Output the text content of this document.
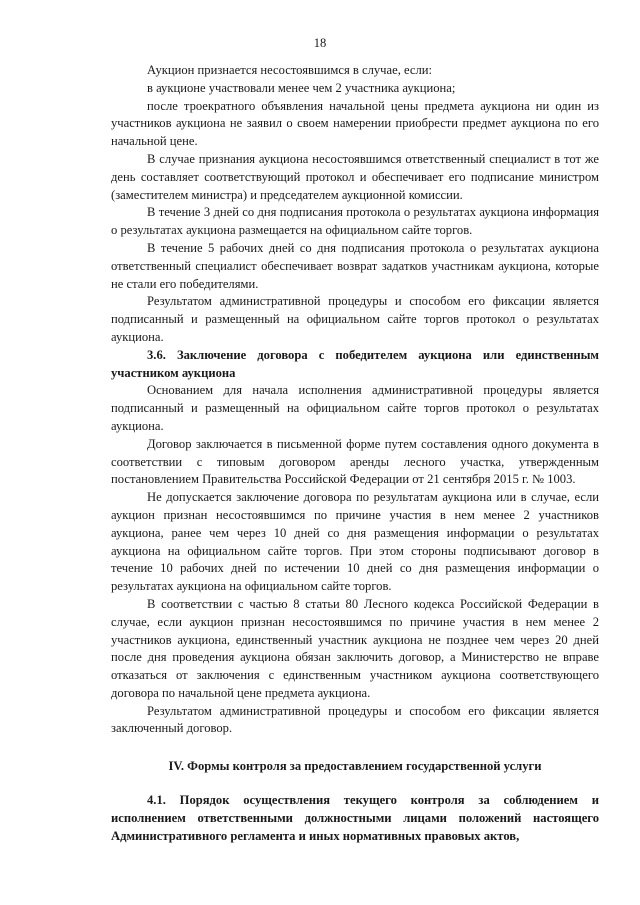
18

Аукцион признается несостоявшимся в случае, если:

в аукционе участвовали менее чем 2 участника аукциона;

после троекратного объявления начальной цены предмета аукциона ни один из участников аукциона не заявил о своем намерении приобрести предмет аукциона по его начальной цене.

В случае признания аукциона несостоявшимся ответственный специалист в тот же день составляет соответствующий протокол и обеспечивает его подписание министром (заместителем министра) и председателем аукционной комиссии.

В течение 3 дней со дня подписания протокола о результатах аукциона информация о результатах аукциона размещается на официальном сайте торгов.

В течение 5 рабочих дней со дня подписания протокола о результатах аукциона ответственный специалист обеспечивает возврат задатков участникам аукциона, которые не стали его победителями.

Результатом административной процедуры и способом его фиксации является подписанный и размещенный на официальном сайте торгов протокол о результатах аукциона.

3.6. Заключение договора с победителем аукциона или единственным участником аукциона

Основанием для начала исполнения административной процедуры является подписанный и размещенный на официальном сайте торгов протокол о результатах аукциона.

Договор заключается в письменной форме путем составления одного документа в соответствии с типовым договором аренды лесного участка, утвержденным постановлением Правительства Российской Федерации от 21 сентября 2015 г. № 1003.

Не допускается заключение договора по результатам аукциона или в случае, если аукцион признан несостоявшимся по причине участия в нем менее 2 участников аукциона, ранее чем через 10 дней со дня размещения информации о результатах аукциона на официальном сайте торгов. При этом стороны подписывают договор в течение 10 рабочих дней по истечении 10 дней со дня размещения информации о результатах аукциона на официальном сайте торгов.

В соответствии с частью 8 статьи 80 Лесного кодекса Российской Федерации в случае, если аукцион признан несостоявшимся по причине участия в нем менее 2 участников аукциона, единственный участник аукциона не позднее чем через 20 дней после дня проведения аукциона обязан заключить договор, а Министерство не вправе отказаться от заключения с единственным участником аукциона соответствующего договора по начальной цене предмета аукциона.

Результатом административной процедуры и способом его фиксации является заключенный договор.

IV. Формы контроля за предоставлением государственной услуги

4.1. Порядок осуществления текущего контроля за соблюдением и исполнением ответственными должностными лицами положений настоящего Административного регламента и иных нормативных правовых актов,
